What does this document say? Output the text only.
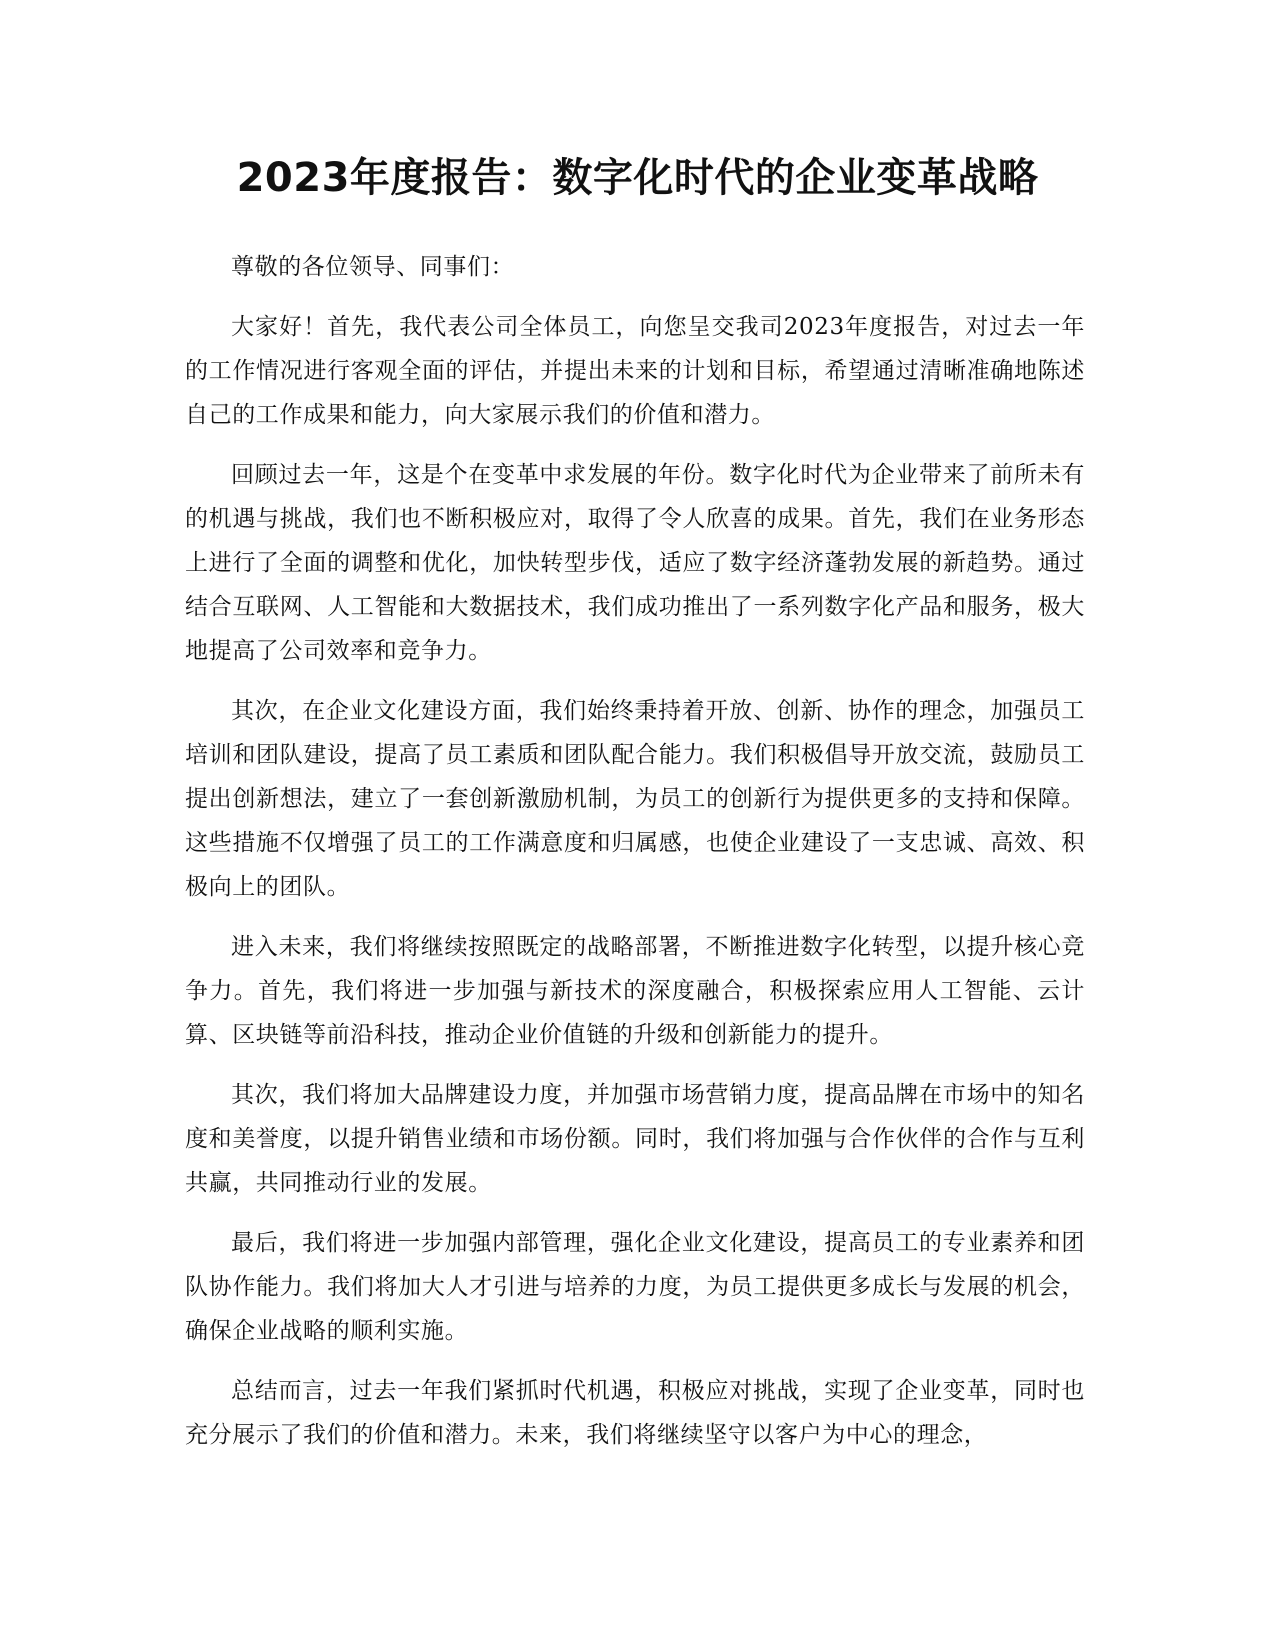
2023年度报告：数字化时代的企业变革战略

尊敬的各位领导、同事们：

大家好！首先，我代表公司全体员工，向您呈交我司2023年度报告，对过去一年的工作情况进行客观全面的评估，并提出未来的计划和目标，希望通过清晰准确地陈述自己的工作成果和能力，向大家展示我们的价值和潜力。

回顾过去一年，这是个在变革中求发展的年份。数字化时代为企业带来了前所未有的机遇与挑战，我们也不断积极应对，取得了令人欣喜的成果。首先，我们在业务形态上进行了全面的调整和优化，加快转型步伐，适应了数字经济蓬勃发展的新趋势。通过结合互联网、人工智能和大数据技术，我们成功推出了一系列数字化产品和服务，极大地提高了公司效率和竞争力。

其次，在企业文化建设方面，我们始终秉持着开放、创新、协作的理念，加强员工培训和团队建设，提高了员工素质和团队配合能力。我们积极倡导开放交流，鼓励员工提出创新想法，建立了一套创新激励机制，为员工的创新行为提供更多的支持和保障。这些措施不仅增强了员工的工作满意度和归属感，也使企业建设了一支忠诚、高效、积极向上的团队。

进入未来，我们将继续按照既定的战略部署，不断推进数字化转型，以提升核心竞争力。首先，我们将进一步加强与新技术的深度融合，积极探索应用人工智能、云计算、区块链等前沿科技，推动企业价值链的升级和创新能力的提升。

其次，我们将加大品牌建设力度，并加强市场营销力度，提高品牌在市场中的知名度和美誉度，以提升销售业绩和市场份额。同时，我们将加强与合作伙伴的合作与互利共赢，共同推动行业的发展。

最后，我们将进一步加强内部管理，强化企业文化建设，提高员工的专业素养和团队协作能力。我们将加大人才引进与培养的力度，为员工提供更多成长与发展的机会，确保企业战略的顺利实施。

总结而言，过去一年我们紧抓时代机遇，积极应对挑战，实现了企业变革，同时也充分展示了我们的价值和潜力。未来，我们将继续坚守以客户为中心的理念，
